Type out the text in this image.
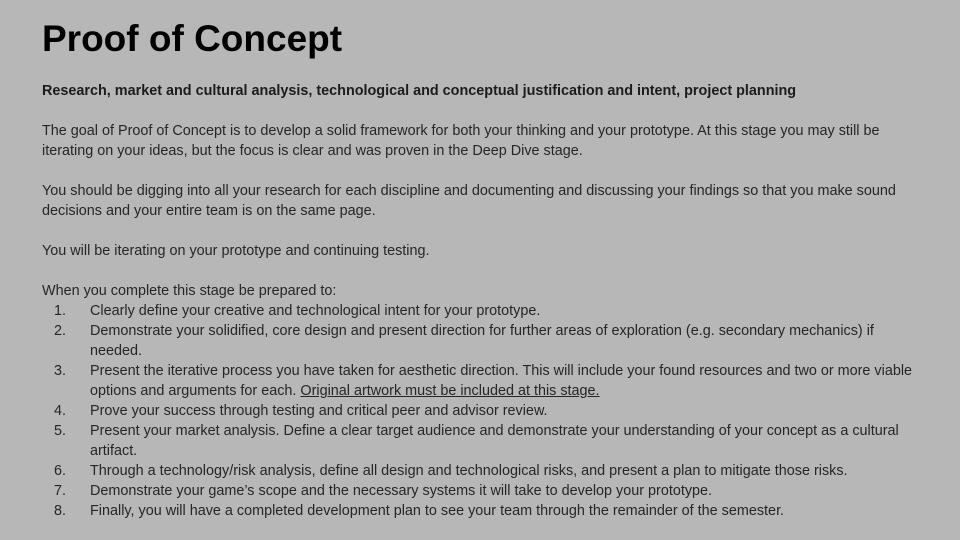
Proof of Concept

Research, market and cultural analysis, technological and conceptual justification and intent, project planning

The goal of Proof of Concept is to develop a solid framework for both your thinking and your prototype. At this stage you may still be iterating on your ideas, but the focus is clear and was proven in the Deep Dive stage.

You should be digging into all your research for each discipline and documenting and discussing your findings so that you make sound decisions and your entire team is on the same page.

You will be iterating on your prototype and continuing testing.

When you complete this stage be prepared to:

1.	Clearly define your creative and technological intent for your prototype.
2.	Demonstrate your solidified, core design and present direction for further areas of exploration (e.g. secondary mechanics) if needed.
3.	Present the iterative process you have taken for aesthetic direction. This will include your found resources and two or more viable options and arguments for each. Original artwork must be included at this stage.
4.	Prove your success through testing and critical peer and advisor review.
5.	Present your market analysis. Define a clear target audience and demonstrate your understanding of your concept as a cultural artifact.
6.	Through a technology/risk analysis, define all design and technological risks, and present a plan to mitigate those risks.
7.	Demonstrate your game’s scope and the necessary systems it will take to develop your prototype.
8.	Finally, you will have a completed development plan to see your team through the remainder of the semester.
